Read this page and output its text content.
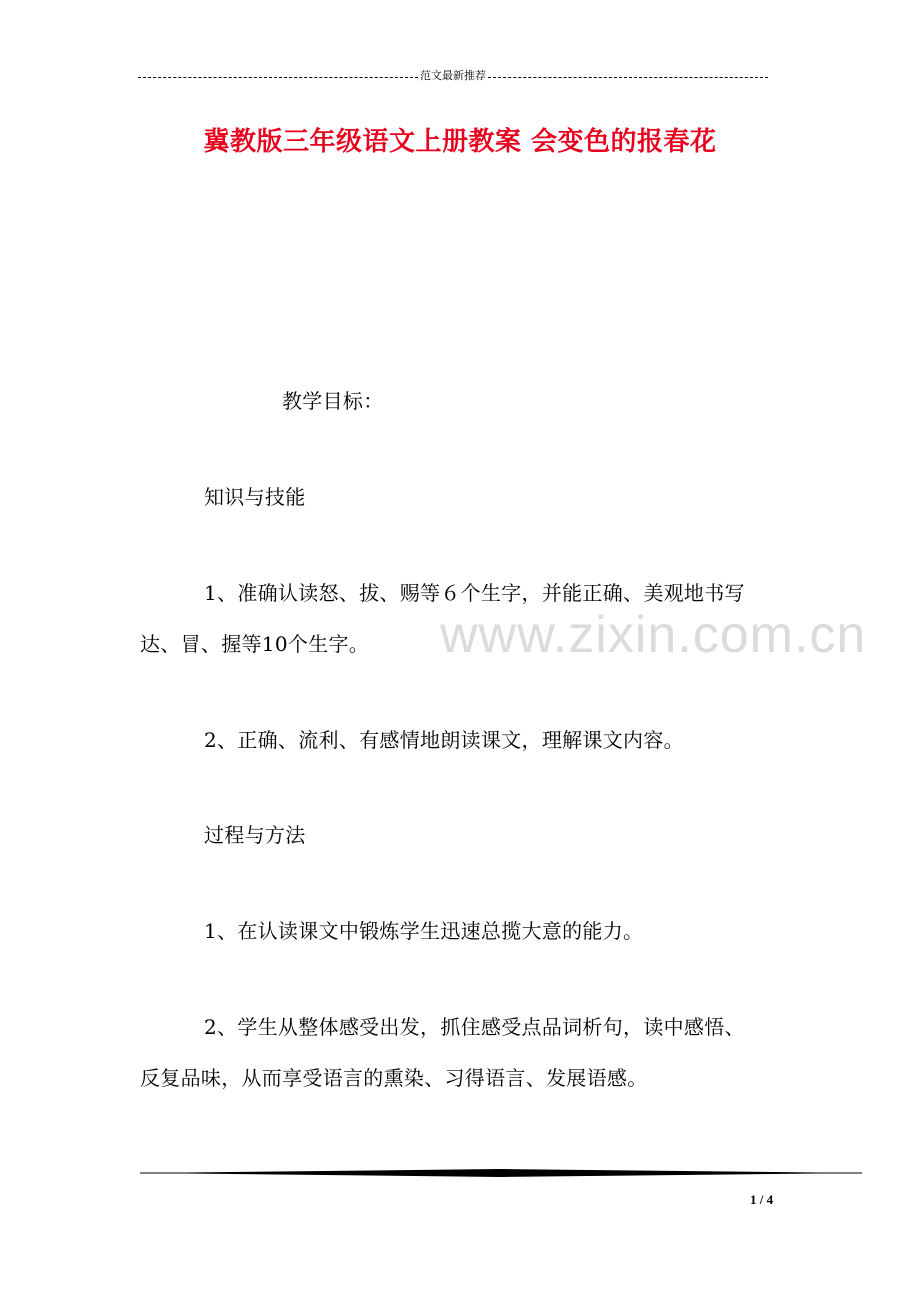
范文最新推荐
冀教版三年级语文上册教案 会变色的报春花
教学目标：
知识与技能
1、准确认读怒、拔、赐等６个生字，并能正确、美观地书写
达、冒、握等10个生字。
2、正确、流利、有感情地朗读课文，理解课文内容。
过程与方法
1、在认读课文中锻炼学生迅速总揽大意的能力。
2、学生从整体感受出发，抓住感受点品词析句，读中感悟、
反复品味，从而享受语言的熏染、习得语言、发展语感。
www.zixin.com.cn
1 / 4
